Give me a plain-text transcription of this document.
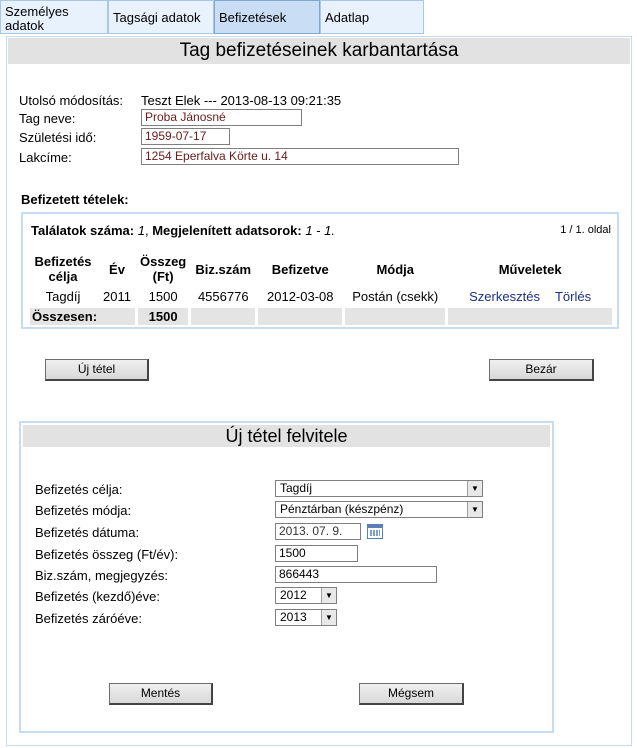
Személyes adatok
Tagsági adatok	Befizetések	Adatlap
Tag befizetéseinek karbantartása
Utolsó módosítás: Teszt Elek --- 2013-08-13 09:21:35
Tag neve:	Proba Jánosné
Születési idő:	1959-07-17
Lakcíme:	1254 Eperfalva Körte u. 14
Befizetett tételek:
Találatok száma: 1, Megjelenített adatsorok: 1 - 1.	1 / 1. oldal
Befizetés célja	Év	Összeg (Ft)	Biz.szám	Befizetve	Módja	Műveletek
Tagdíj	2011	1500	4556776	2012-03-08	Postán (csekk)	Szerkesztés Törlés
Összesen:		1500				
Új tétel	Bezár
Új tétel felvitele
Befizetés célja:	Tagdíj	▼
Befizetés módja:	Pénztárban (készpénz)	▼
Befizetés dátuma:	2013. 07. 9.
Befizetés összeg (Ft/év):	1500
Biz.szám, megjegyzés:	866443
Befizetés (kezdő)éve:	2012	▼
Befizetés záróéve:	2013	▼
Mentés	Mégsem
